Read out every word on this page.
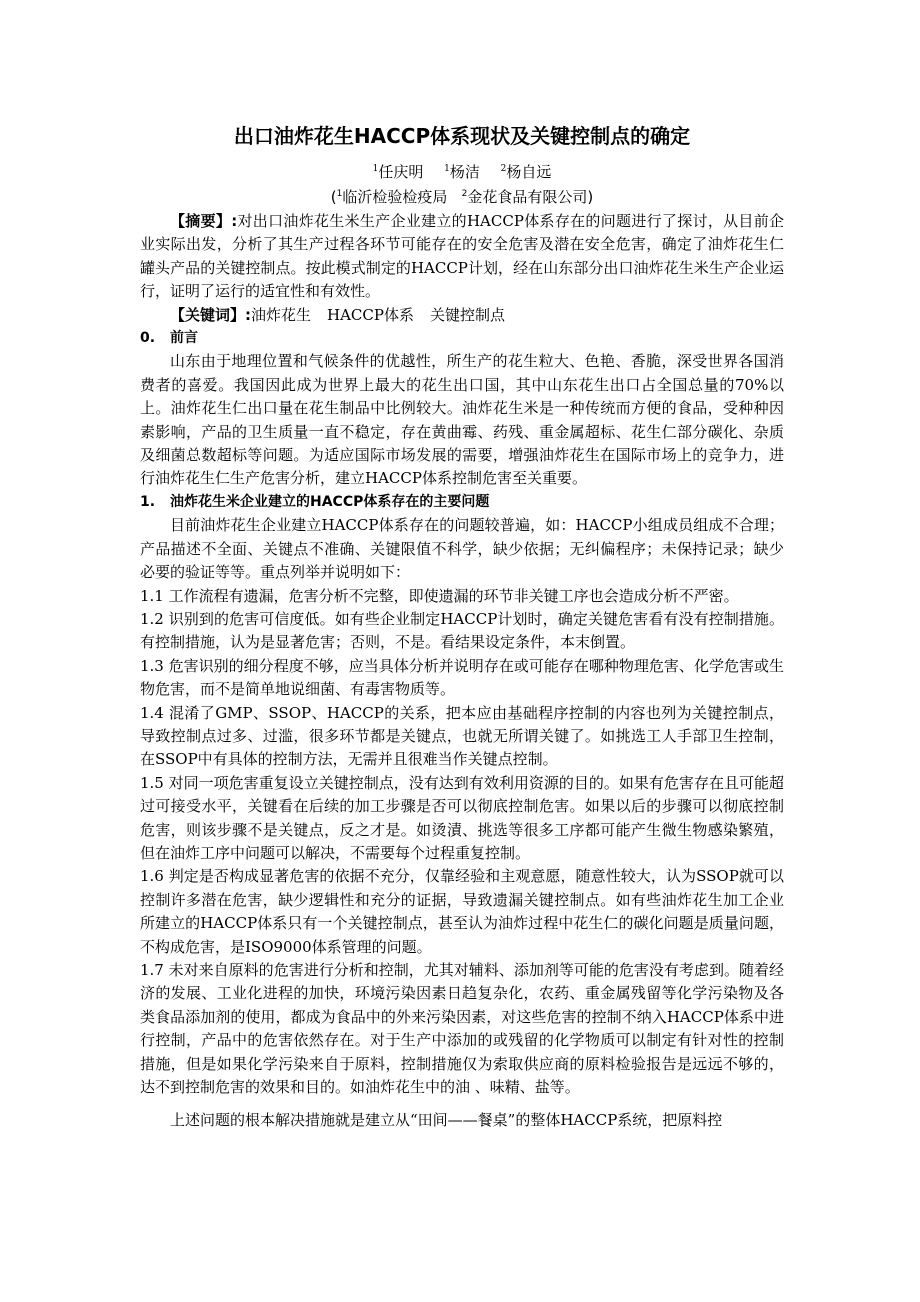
出口油炸花生HACCP体系现状及关键控制点的确定
$^1$任庆明 $^1$杨洁 $^2$杨自远
($^1$临沂检验检疫局 $^2$金花食品有限公司)

【摘要】:对出口油炸花生米生产企业建立的HACCP体系存在的问题进行了探讨，从目前企业实际出发，分析了其生产过程各环节可能存在的安全危害及潜在安全危害，确定了油炸花生仁罐头产品的关键控制点。按此模式制定的HACCP计划，经在山东部分出口油炸花生米生产企业运行，证明了运行的适宜性和有效性。

【关键词】:油炸花生 HACCP体系 关键控制点

0. 前言

山东由于地理位置和气候条件的优越性，所生产的花生粒大、色艳、香脆，深受世界各国消费者的喜爱。我国因此成为世界上最大的花生出口国，其中山东花生出口占全国总量的70%以上。油炸花生仁出口量在花生制品中比例较大。油炸花生米是一种传统而方便的食品，受种种因素影响，产品的卫生质量一直不稳定，存在黄曲霉、药残、重金属超标、花生仁部分碳化、杂质及细菌总数超标等问题。为适应国际市场发展的需要，增强油炸花生在国际市场上的竞争力，进行油炸花生仁生产危害分析，建立HACCP体系控制危害至关重要。

1. 油炸花生米企业建立的HACCP体系存在的主要问题

目前油炸花生企业建立HACCP体系存在的问题较普遍，如：HACCP小组成员组成不合理；产品描述不全面、关键点不准确、关键限值不科学，缺少依据；无纠偏程序；未保持记录；缺少必要的验证等等。重点列举并说明如下：

1.1 工作流程有遗漏，危害分析不完整，即使遗漏的环节非关键工序也会造成分析不严密。

1.2 识别到的危害可信度低。如有些企业制定HACCP计划时，确定关键危害看有没有控制措施。有控制措施，认为是显著危害；否则，不是。看结果设定条件，本末倒置。

1.3 危害识别的细分程度不够，应当具体分析并说明存在或可能存在哪种物理危害、化学危害或生物危害，而不是简单地说细菌、有毒害物质等。

1.4 混淆了GMP、SSOP、HACCP的关系，把本应由基础程序控制的内容也列为关键控制点，导致控制点过多、过滥，很多环节都是关键点，也就无所谓关键了。如挑选工人手部卫生控制，在SSOP中有具体的控制方法，无需并且很难当作关键点控制。

1.5 对同一项危害重复设立关键控制点，没有达到有效利用资源的目的。如果有危害存在且可能超过可接受水平，关键看在后续的加工步骤是否可以彻底控制危害。如果以后的步骤可以彻底控制危害，则该步骤不是关键点，反之才是。如烫漬、挑选等很多工序都可能产生微生物感染繁殖，但在油炸工序中问题可以解决，不需要每个过程重复控制。

1.6 判定是否构成显著危害的依据不充分，仅靠经验和主观意愿，随意性较大，认为SSOP就可以控制许多潜在危害，缺少逻辑性和充分的证据，导致遗漏关键控制点。如有些油炸花生加工企业所建立的HACCP体系只有一个关键控制点，甚至认为油炸过程中花生仁的碳化问题是质量问题，不构成危害，是ISO9000体系管理的问题。

1.7 未对来自原料的危害进行分析和控制，尤其对辅料、添加剂等可能的危害没有考虑到。随着经济的发展、工业化进程的加快，环境污染因素日趋复杂化，农药、重金属残留等化学污染物及各类食品添加剂的使用，都成为食品中的外来污染因素，对这些危害的控制不纳入HACCP体系中进行控制，产品中的危害依然存在。对于生产中添加的或残留的化学物质可以制定有针对性的控制措施，但是如果化学污染来自于原料，控制措施仅为索取供应商的原料检验报告是远远不够的，达不到控制危害的效果和目的。如油炸花生中的油 、味精、盐等。

上述问题的根本解决措施就是建立从“田间——餐桌”的整体HACCP系统，把原料控
